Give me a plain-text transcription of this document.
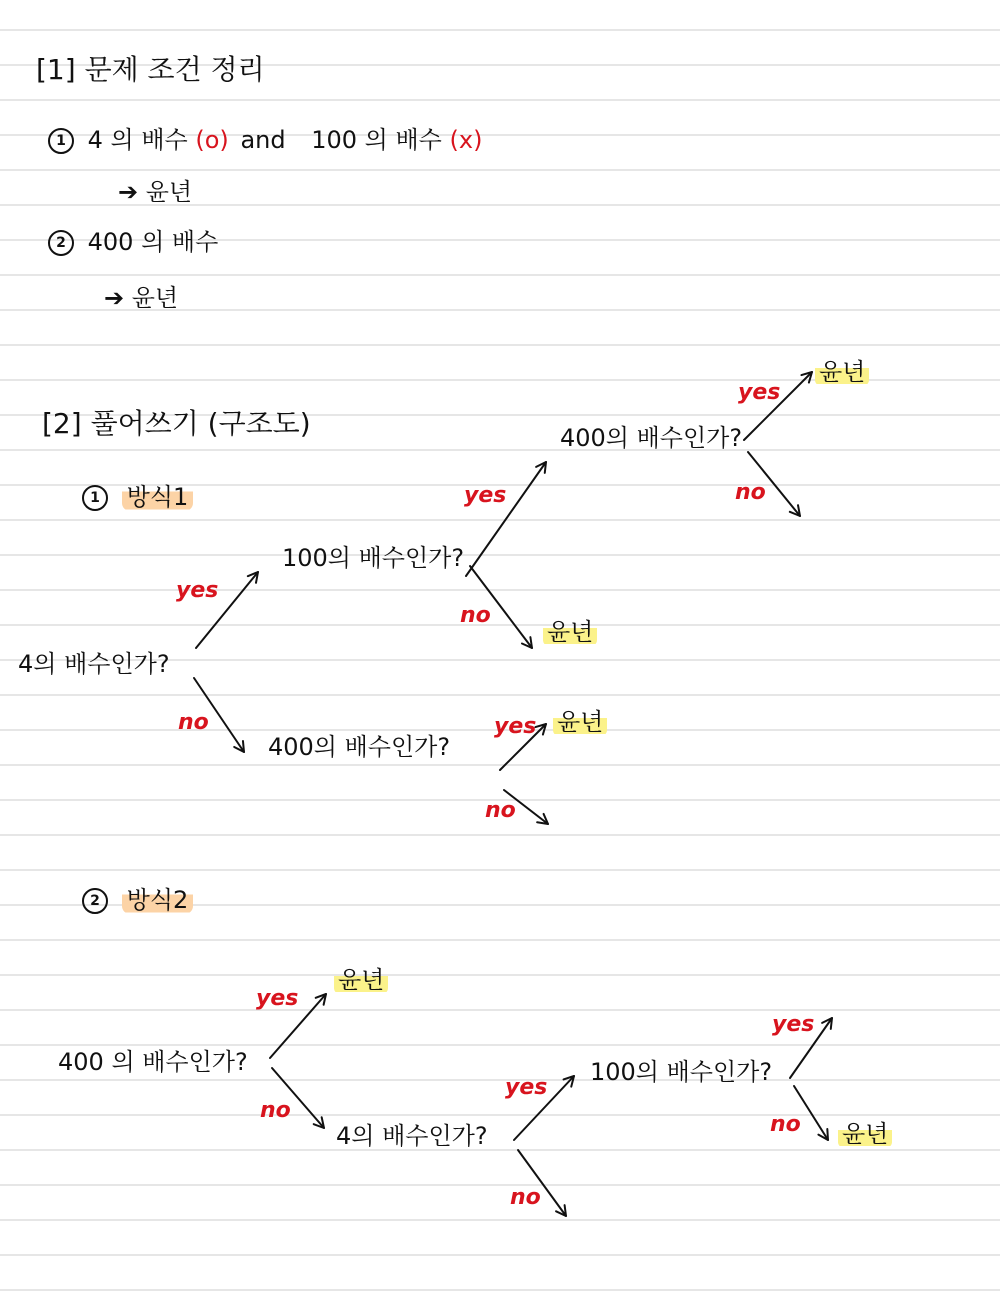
[1] 문제 조건 정리
1 4 의 배수 (o) and 100 의 배수 (x)
➔ 윤년
2 400 의 배수
➔ 윤년
[2] 풀어쓰기 (구조도)
1 방식1
4의 배수인가?
yes
no
100의 배수인가?
yes
no
윤년
400의 배수인가?
yes
no
윤년
400의 배수인가?
yes
no
윤년
2 방식2
400 의 배수인가?
yes
no
윤년
4의 배수인가?
yes
no
100의 배수인가?
yes
no 윤년
